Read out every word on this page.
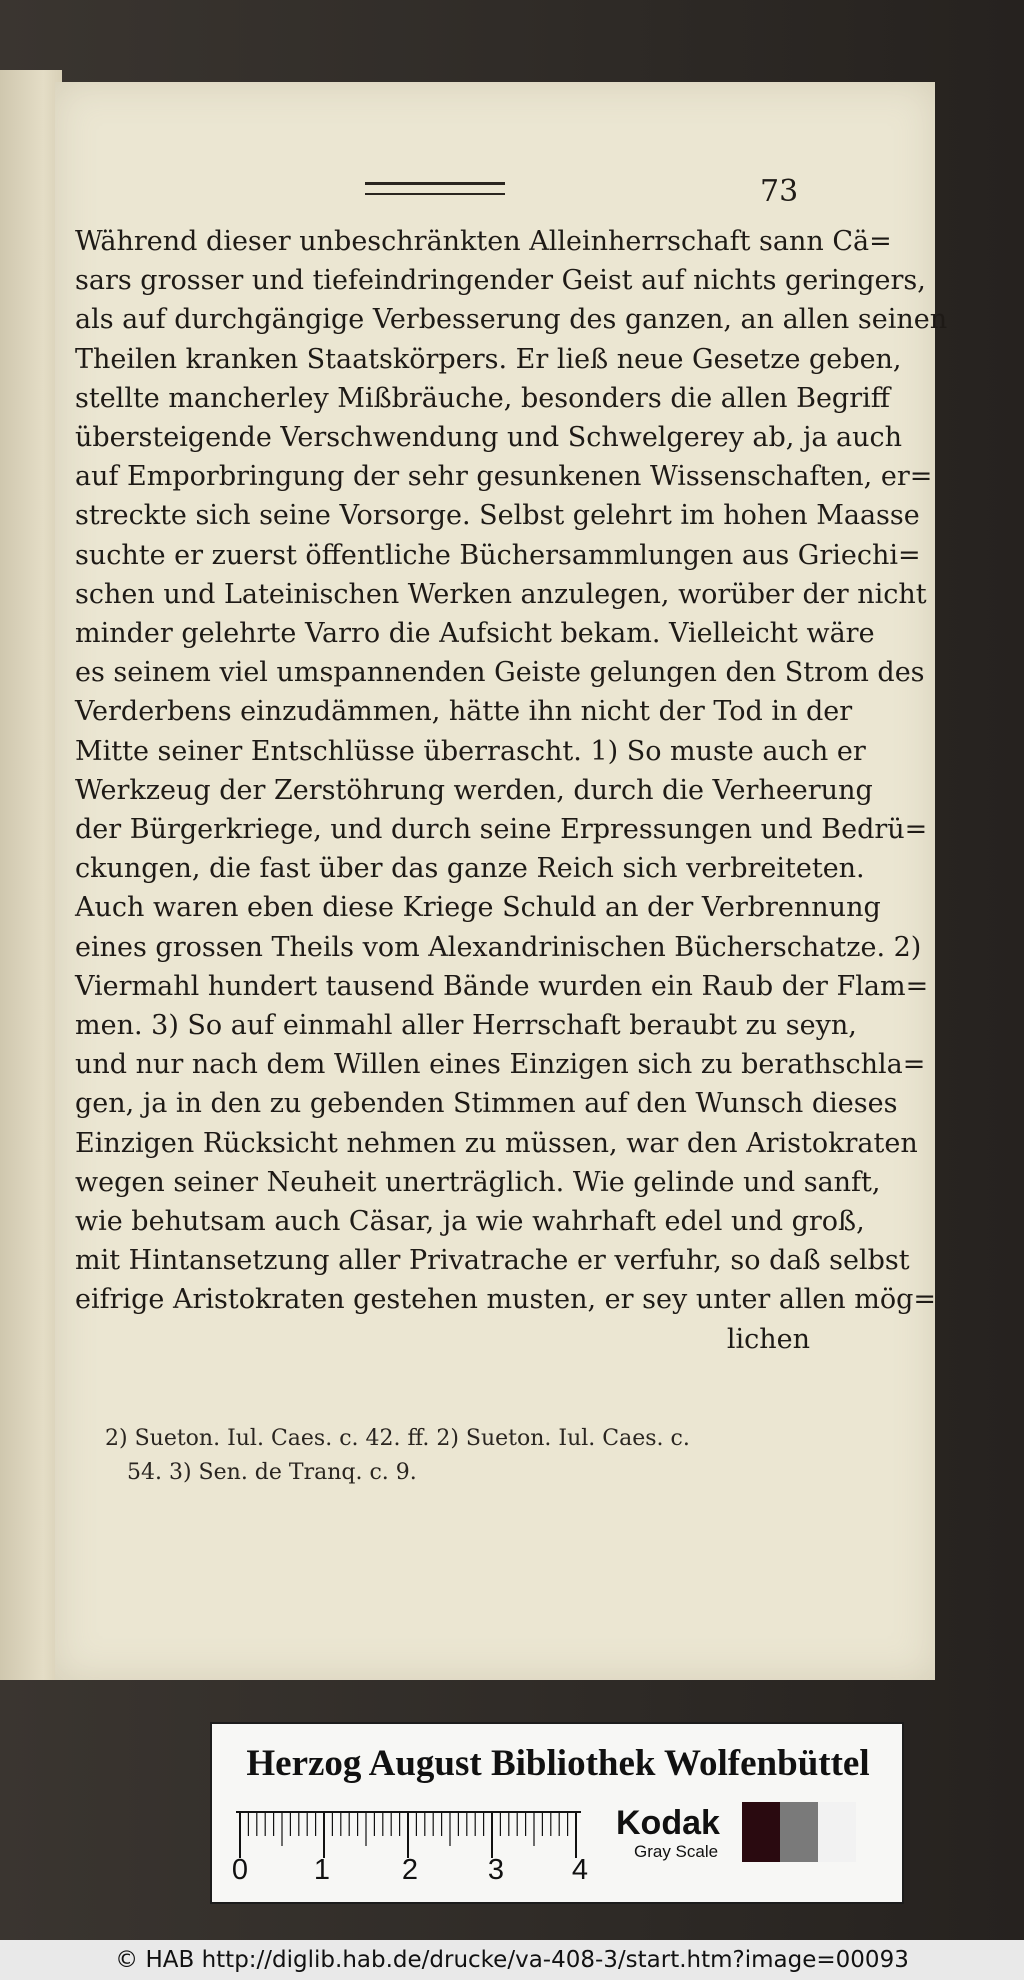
73
Während dieser unbeschränkten Alleinherrschaft sann Cä=
sars grosser und tiefeindringender Geist auf nichts geringers,
als auf durchgängige Verbesserung des ganzen, an allen seinen
Theilen kranken Staatskörpers. Er ließ neue Gesetze geben,
stellte mancherley Mißbräuche, besonders die allen Begriff
übersteigende Verschwendung und Schwelgerey ab, ja auch
auf Emporbringung der sehr gesunkenen Wissenschaften, er=
streckte sich seine Vorsorge. Selbst gelehrt im hohen Maasse
suchte er zuerst öffentliche Büchersammlungen aus Griechi=
schen und Lateinischen Werken anzulegen, worüber der nicht
minder gelehrte Varro die Aufsicht bekam. Vielleicht wäre
es seinem viel umspannenden Geiste gelungen den Strom des
Verderbens einzudämmen, hätte ihn nicht der Tod in der
Mitte seiner Entschlüsse überrascht. 1) So muste auch er
Werkzeug der Zerstöhrung werden, durch die Verheerung
der Bürgerkriege, und durch seine Erpressungen und Bedrü=
ckungen, die fast über das ganze Reich sich verbreiteten.
Auch waren eben diese Kriege Schuld an der Verbrennung
eines grossen Theils vom Alexandrinischen Bücherschatze. 2)
Viermahl hundert tausend Bände wurden ein Raub der Flam=
men. 3) So auf einmahl aller Herrschaft beraubt zu seyn,
und nur nach dem Willen eines Einzigen sich zu berathschla=
gen, ja in den zu gebenden Stimmen auf den Wunsch dieses
Einzigen Rücksicht nehmen zu müssen, war den Aristokraten
wegen seiner Neuheit unerträglich. Wie gelinde und sanft,
wie behutsam auch Cäsar, ja wie wahrhaft edel und groß,
mit Hintansetzung aller Privatrache er verfuhr, so daß selbst
eifrige Aristokraten gestehen musten, er sey unter allen mög=
lichen
2) Sueton. Iul. Caes. c. 42. ff. 2) Sueton. Iul. Caes. c.
54. 3) Sen. de Tranq. c. 9.
Herzog August Bibliothek Wolfenbüttel
0 1 2 3 4
Kodak
Gray Scale
© HAB http://diglib.hab.de/drucke/va-408-3/start.htm?image=00093
